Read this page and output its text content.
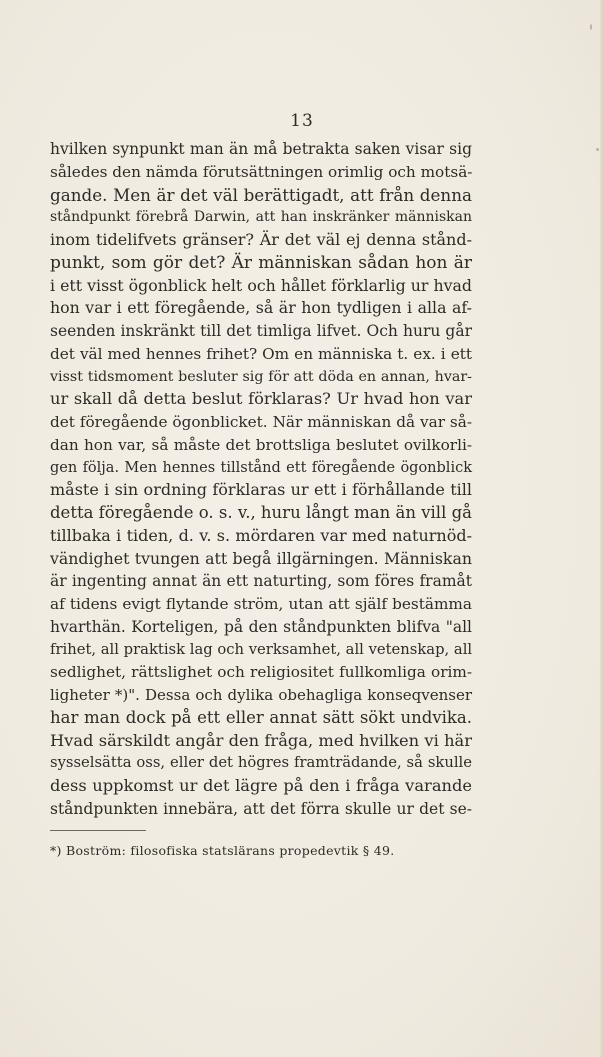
13
hvilken synpunkt man än må betrakta saken visar sig
således den nämda förutsättningen orimlig och motsä-
gande. Men är det väl berättigadt, att från denna
ståndpunkt förebrå Darwin, att han inskränker människan
inom tidelifvets gränser? Är det väl ej denna stånd-
punkt, som gör det? Är människan sådan hon är
i ett visst ögonblick helt och hållet förklarlig ur hvad
hon var i ett föregående, så är hon tydligen i alla af-
seenden inskränkt till det timliga lifvet. Och huru går
det väl med hennes frihet? Om en människa t. ex. i ett
visst tidsmoment besluter sig för att döda en annan, hvar-
ur skall då detta beslut förklaras? Ur hvad hon var
det föregående ögonblicket. När människan då var så-
dan hon var, så måste det brottsliga beslutet ovilkorli-
gen följa. Men hennes tillstånd ett föregående ögonblick
måste i sin ordning förklaras ur ett i förhållande till
detta föregående o. s. v., huru långt man än vill gå
tillbaka i tiden, d. v. s. mördaren var med naturnöd-
vändighet tvungen att begå illgärningen. Människan
är ingenting annat än ett naturting, som föres framåt
af tidens evigt flytande ström, utan att själf bestämma
hvarthän. Korteligen, på den ståndpunkten blifva "all
frihet, all praktisk lag och verksamhet, all vetenskap, all
sedlighet, rättslighet och religiositet fullkomliga orim-
ligheter *)". Dessa och dylika obehagliga konseqvenser
har man dock på ett eller annat sätt sökt undvika.
Hvad särskildt angår den fråga, med hvilken vi här
sysselsätta oss, eller det högres framträdande, så skulle
dess uppkomst ur det lägre på den i fråga varande
ståndpunkten innebära, att det förra skulle ur det se-
*) Boström: filosofiska statslärans propedevtik § 49.
